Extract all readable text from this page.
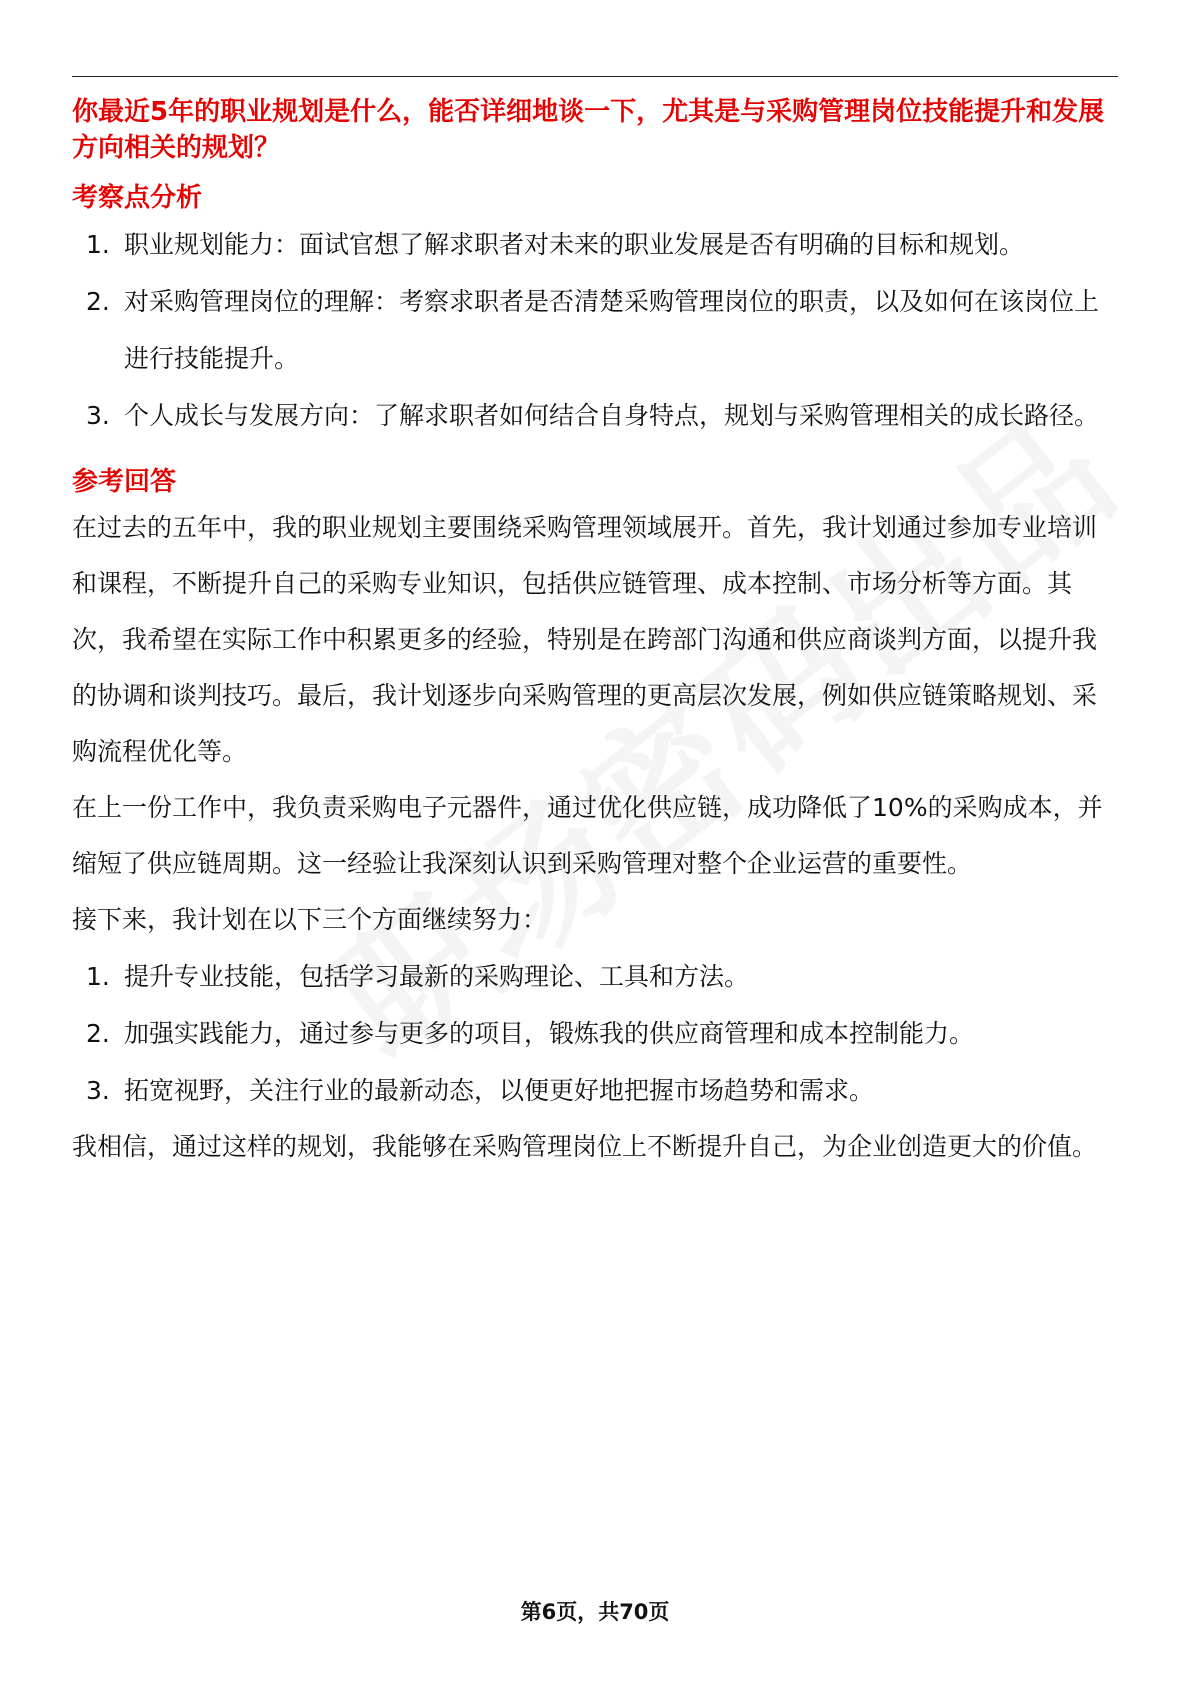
你最近5年的职业规划是什么，能否详细地谈一下，尤其是与采购管理岗位技能提升和发展方向相关的规划？

考察点分析

1. 职业规划能力：面试官想了解求职者对未来的职业发展是否有明确的目标和规划。
2. 对采购管理岗位的理解：考察求职者是否清楚采购管理岗位的职责，以及如何在该岗位上进行技能提升。
3. 个人成长与发展方向：了解求职者如何结合自身特点，规划与采购管理相关的成长路径。

参考回答

在过去的五年中，我的职业规划主要围绕采购管理领域展开。首先，我计划通过参加专业培训和课程，不断提升自己的采购专业知识，包括供应链管理、成本控制、市场分析等方面。其次，我希望在实际工作中积累更多的经验，特别是在跨部门沟通和供应商谈判方面，以提升我的协调和谈判技巧。最后，我计划逐步向采购管理的更高层次发展，例如供应链策略规划、采购流程优化等。

在上一份工作中，我负责采购电子元器件，通过优化供应链，成功降低了10%的采购成本，并缩短了供应链周期。这一经验让我深刻认识到采购管理对整个企业运营的重要性。

接下来，我计划在以下三个方面继续努力：

1. 提升专业技能，包括学习最新的采购理论、工具和方法。
2. 加强实践能力，通过参与更多的项目，锻炼我的供应商管理和成本控制能力。
3. 拓宽视野，关注行业的最新动态，以便更好地把握市场趋势和需求。

我相信，通过这样的规划，我能够在采购管理岗位上不断提升自己，为企业创造更大的价值。

第6页，共70页
